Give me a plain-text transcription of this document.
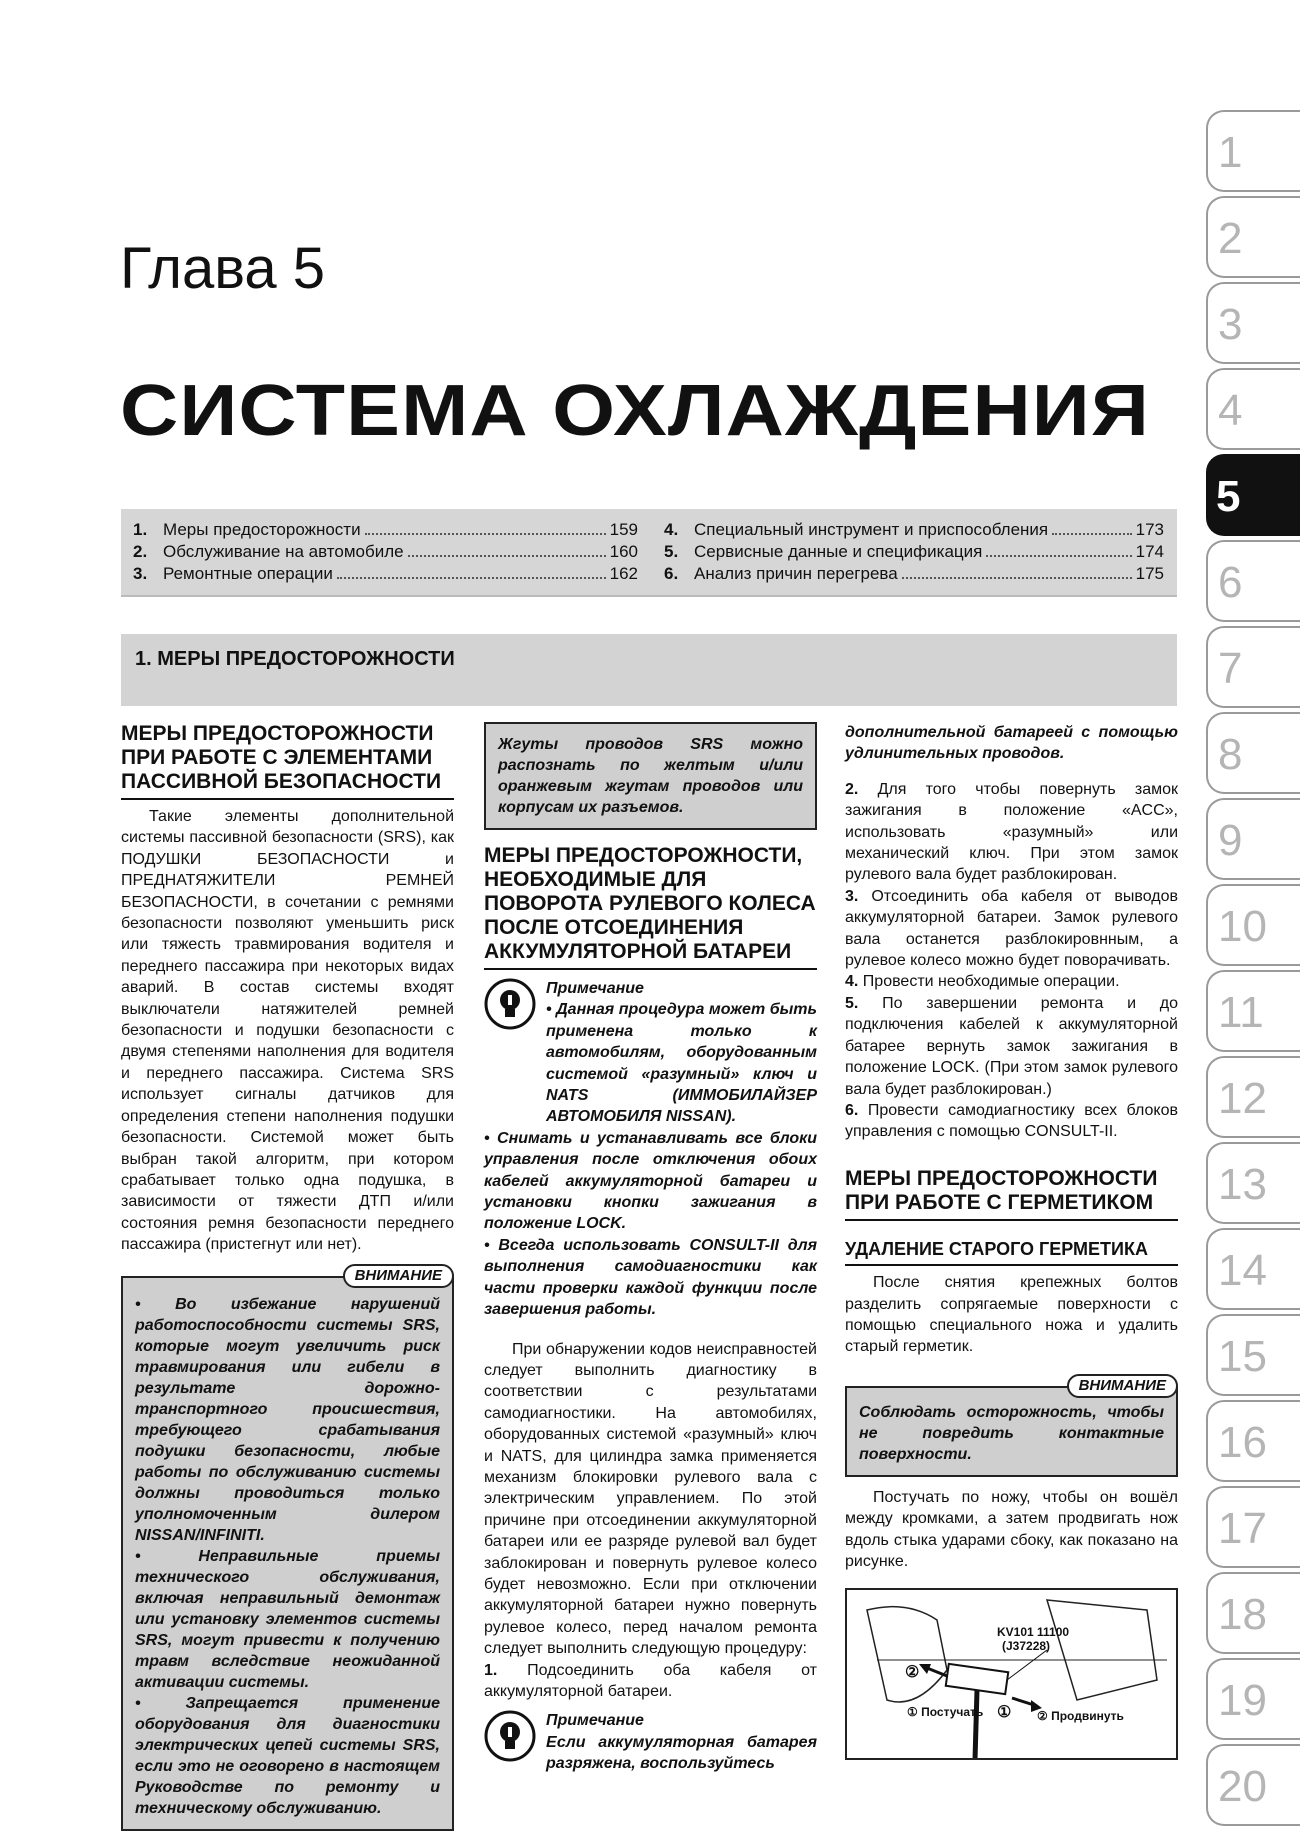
Глава 5
СИСТЕМА ОХЛАЖДЕНИЯ
1. Меры предосторожности	159
2. Обслуживание на автомобиле	160
3. Ремонтные операции	162
4. Специальный инструмент и приспособления	173
5. Сервисные данные и спецификация	174
6. Анализ причин перегрева	175
1. МЕРЫ ПРЕДОСТОРОЖНОСТИ
МЕРЫ ПРЕДОСТОРОЖНОСТИ ПРИ РАБОТЕ С ЭЛЕМЕНТАМИ ПАССИВНОЙ БЕЗОПАСНОСТИ
Такие элементы дополнительной системы пассивной безопасности (SRS), как ПОДУШКИ БЕЗОПАСНОСТИ и ПРЕДНАТЯЖИТЕЛИ РЕМНЕЙ БЕЗОПАСНОСТИ, в сочетании с ремнями безопасности позволяют уменьшить риск или тяжесть травмирования водителя и переднего пассажира при некоторых видах аварий. В состав системы входят выключатели натяжителей ремней безопасности и подушки безопасности с двумя степенями наполнения для водителя и переднего пассажира. Система SRS использует сигналы датчиков для определения степени наполнения подушки безопасности. Системой может быть выбран такой алгоритм, при котором срабатывает только одна подушка, в зависимости от тяжести ДТП и/или состояния ремня безопасности переднего пассажира (пристегнут или нет).
ВНИМАНИЕ
• Во избежание нарушений работоспособности системы SRS, которые могут увеличить риск травмирования или гибели в результате дорожно-транспортного происшествия, требующего срабатывания подушки безопасности, любые работы по обслуживанию системы должны проводиться только уполномоченным дилером NISSAN/INFINITI.
• Неправильные приемы технического обслуживания, включая неправильный демонтаж или установку элементов системы SRS, могут привести к получению травм вследствие неожиданной активации системы.
• Запрещается применение оборудования для диагностики электрических цепей системы SRS, если это не оговорено в настоящем Руководстве по ремонту и техническому обслуживанию.
Жгуты проводов SRS можно распознать по желтым и/или оранжевым жгутам проводов или корпусам их разъемов.
МЕРЫ ПРЕДОСТОРОЖНОСТИ, НЕОБХОДИМЫЕ ДЛЯ ПОВОРОТА РУЛЕВОГО КОЛЕСА ПОСЛЕ ОТСОЕДИНЕНИЯ АККУМУЛЯТОРНОЙ БАТАРЕИ
Примечание
• Данная процедура может быть применена только к автомобилям, оборудованным системой «разумный» ключ и NATS (ИММОБИЛАЙЗЕР АВТОМОБИЛЯ NISSAN).
• Снимать и устанавливать все блоки управления после отключения обоих кабелей аккумуляторной батареи и установки кнопки зажигания в положение LOCK.
• Всегда использовать CONSULT-II для выполнения самодиагностики как части проверки каждой функции после завершения работы.
При обнаружении кодов неисправностей следует выполнить диагностику в соответствии с результатами самодиагностики. На автомобилях, оборудованных системой «разумный» ключ и NATS, для цилиндра замка применяется механизм блокировки рулевого вала с электрическим управлением. По этой причине при отсоединении аккумуляторной батареи или ее разряде рулевой вал будет заблокирован и повернуть рулевое колесо будет невозможно. Если при отключении аккумуляторной батареи нужно повернуть рулевое колесо, перед началом ремонта следует выполнить следующую процедуру:
1. Подсоединить оба кабеля от аккумуляторной батареи.
Примечание
Если аккумуляторная батарея разряжена, воспользуйтесь
дополнительной батареей с помощью удлинительных проводов.
2. Для того чтобы повернуть замок зажигания в положение «ACC», использовать «разумный» или механический ключ. При этом замок рулевого вала будет разблокирован.
3. Отсоединить оба кабеля от выводов аккумуляторной батареи. Замок рулевого вала останется разблокировнным, а рулевое колесо можно будет поворачивать.
4. Провести необходимые операции.
5. По завершении ремонта и до подключения кабелей к аккумуляторной батарее вернуть замок зажигания в положение LOCK. (При этом замок рулевого вала будет разблокирован.)
6. Провести самодиагностику всех блоков управления с помощью CONSULT-II.
МЕРЫ ПРЕДОСТОРОЖНОСТИ ПРИ РАБОТЕ С ГЕРМЕТИКОМ
УДАЛЕНИЕ СТАРОГО ГЕРМЕТИКА
После снятия крепежных болтов разделить сопрягаемые поверхности с помощью специального ножа и удалить старый герметик.
ВНИМАНИЕ
Соблюдать осторожность, чтобы не повредить контактные поверхности.
Постучать по ножу, чтобы он вошёл между кромками, а затем продвигать нож вдоль стыка ударами сбоку, как показано на рисунке.
KV101 11100
(J37228)
②
① Постучать ① ② Продвинуть
1
2
3
4
5
6
7
8
9
10
11
12
13
14
15
16
17
18
19
20
